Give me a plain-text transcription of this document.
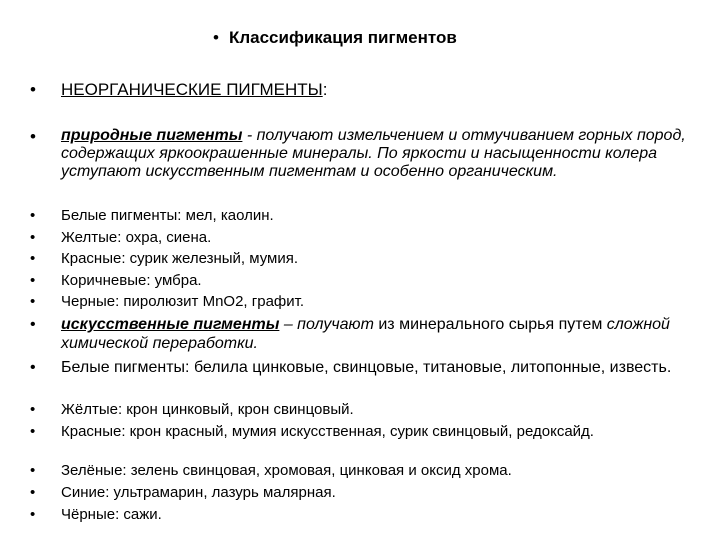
• Классификация пигментов
• НЕОРГАНИЧЕСКИЕ ПИГМЕНТЫ:
• природные пигменты - получают измельчением и отмучиванием горных пород, содержащих яркоокрашенные минералы. По яркости и насыщенности колера уступают искусственным пигментам и особенно органическим.
• Белые пигменты: мел, каолин.
• Желтые: охра, сиена.
• Красные: сурик железный, мумия.
• Коричневые: умбра.
• Черные: пиролюзит MnO2, графит.
• искусственные пигменты – получают из минерального сырья путем сложной химической переработки.
• Белые пигменты: белила цинковые, свинцовые, титановые, литопонные, известь.
• Жёлтые: крон цинковый, крон свинцовый.
• Красные: крон красный, мумия искусственная, сурик свинцовый, редоксайд.
• Зелёные: зелень свинцовая, хромовая, цинковая и оксид хрома.
• Синие: ультрамарин, лазурь малярная.
• Чёрные: сажи.
